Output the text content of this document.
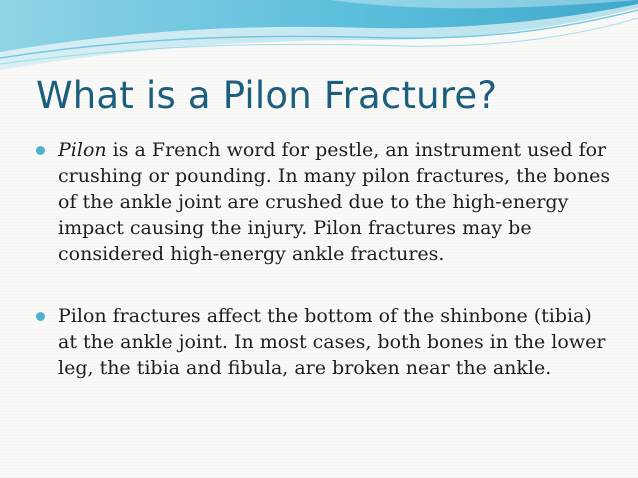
What is a Pilon Fracture?
Pilon is a French word for pestle, an instrument used for crushing or pounding. In many pilon fractures, the bones of the ankle joint are crushed due to the high-energy impact causing the injury. Pilon fractures may be considered high-energy ankle fractures.
Pilon fractures affect the bottom of the shinbone (tibia) at the ankle joint. In most cases, both bones in the lower leg, the tibia and fibula, are broken near the ankle.
